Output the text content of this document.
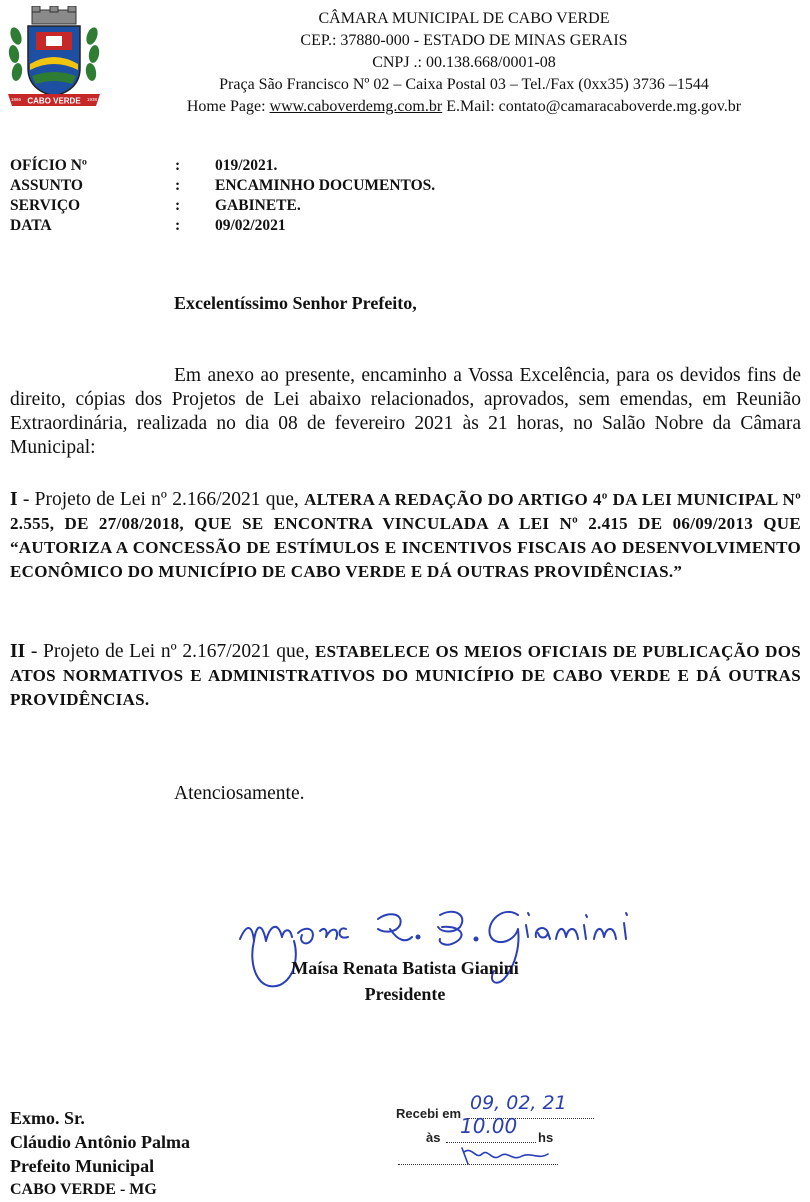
CABO VERDE
1866	1938
CÂMARA MUNICIPAL DE CABO VERDE
CEP.: 37880-000 - ESTADO DE MINAS GERAIS
CNPJ .: 00.138.668/0001-08
Praça São Francisco Nº 02 – Caixa Postal 03 – Tel./Fax (0xx35) 3736 –1544
Home Page: www.caboverdemg.com.br E.Mail: contato@camaracaboverde.mg.gov.br
OFÍCIO Nº	:	019/2021.
ASSUNTO	:	ENCAMINHO DOCUMENTOS.
SERVIÇO	:	GABINETE.
DATA	:	09/02/2021
Excelentíssimo Senhor Prefeito,
Em anexo ao presente, encaminho a Vossa Excelência, para os devidos fins de direito, cópias dos Projetos de Lei abaixo relacionados, aprovados, sem emendas, em Reunião Extraordinária, realizada no dia 08 de fevereiro 2021 às 21 horas, no Salão Nobre da Câmara Municipal:
I - Projeto de Lei nº 2.166/2021 que, ALTERA A REDAÇÃO DO ARTIGO 4º DA LEI MUNICIPAL Nº 2.555, DE 27/08/2018, QUE SE ENCONTRA VINCULADA A LEI Nº 2.415 DE 06/09/2013 QUE “AUTORIZA A CONCESSÃO DE ESTÍMULOS E INCENTIVOS FISCAIS AO DESENVOLVIMENTO ECONÔMICO DO MUNICÍPIO DE CABO VERDE E DÁ OUTRAS PROVIDÊNCIAS.”
II - Projeto de Lei nº 2.167/2021 que, ESTABELECE OS MEIOS OFICIAIS DE PUBLICAÇÃO DOS ATOS NORMATIVOS E ADMINISTRATIVOS DO MUNICÍPIO DE CABO VERDE E DÁ OUTRAS PROVIDÊNCIAS.
Atenciosamente.
Maísa Renata Batista Gianini
Presidente
Exmo. Sr.
Cláudio Antônio Palma
Prefeito Municipal
CABO VERDE - MG
Recebi em 09, 02, 21
às 10.00 hs
